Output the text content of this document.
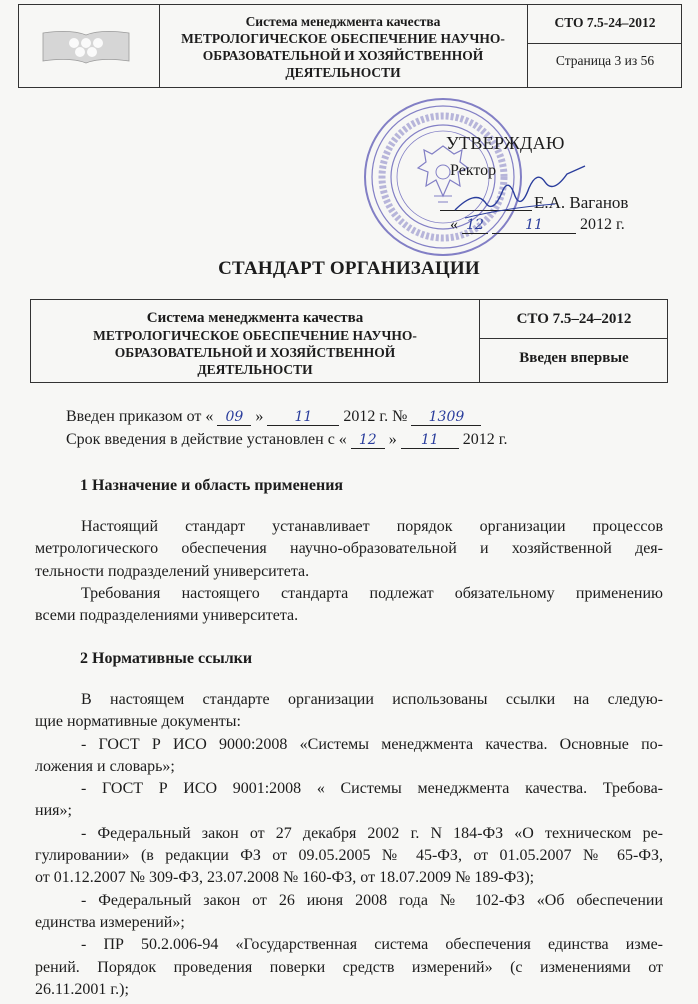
Система менеджмента качества
МЕТРОЛОГИЧЕСКОЕ ОБЕСПЕЧЕНИЕ НАУЧНО-
ОБРАЗОВАТЕЛЬНОЙ И ХОЗЯЙСТВЕННОЙ
ДЕЯТЕЛЬНОСТИ
СТО 7.5-24–2012
Страница 3 из 56
УТВЕРЖДАЮ
Ректор
Е.А. Ваганов
« 12	11 2012 г.
СТАНДАРТ ОРГАНИЗАЦИИ
Система менеджмента качества
МЕТРОЛОГИЧЕСКОЕ ОБЕСПЕЧЕНИЕ НАУЧНО-
ОБРАЗОВАТЕЛЬНОЙ И ХОЗЯЙСТВЕННОЙ
ДЕЯТЕЛЬНОСТИ
СТО 7.5–24–2012
Введен впервые
Введен приказом от « 09 » 11 2012 г. № 1309
Срок введения в действие установлен с « 12 » 11 2012 г.
1 Назначение и область применения
Настоящий стандарт устанавливает порядок организации процессов
метрологического обеспечения научно-образовательной и хозяйственной дея-
тельности подразделений университета.
Требования настоящего стандарта подлежат обязательному применению
всеми подразделениями университета.
2 Нормативные ссылки
В настоящем стандарте организации использованы ссылки на следую-
щие нормативные документы:
- ГОСТ Р ИСО 9000:2008 «Системы менеджмента качества. Основные по-
ложения и словарь»;
- ГОСТ Р ИСО 9001:2008 « Системы менеджмента качества. Требова-
ния»;
- Федеральный закон от 27 декабря 2002 г. N 184-ФЗ «О техническом ре-
гулировании» (в редакции ФЗ от 09.05.2005 № 45-ФЗ, от 01.05.2007 № 65-ФЗ,
от 01.12.2007 № 309-ФЗ, 23.07.2008 № 160-ФЗ, от 18.07.2009 № 189-ФЗ);
- Федеральный закон от 26 июня 2008 года № 102-ФЗ «Об обеспечении
единства измерений»;
- ПР 50.2.006-94 «Государственная система обеспечения единства изме-
рений. Порядок проведения поверки средств измерений» (с изменениями от
26.11.2001 г.);
